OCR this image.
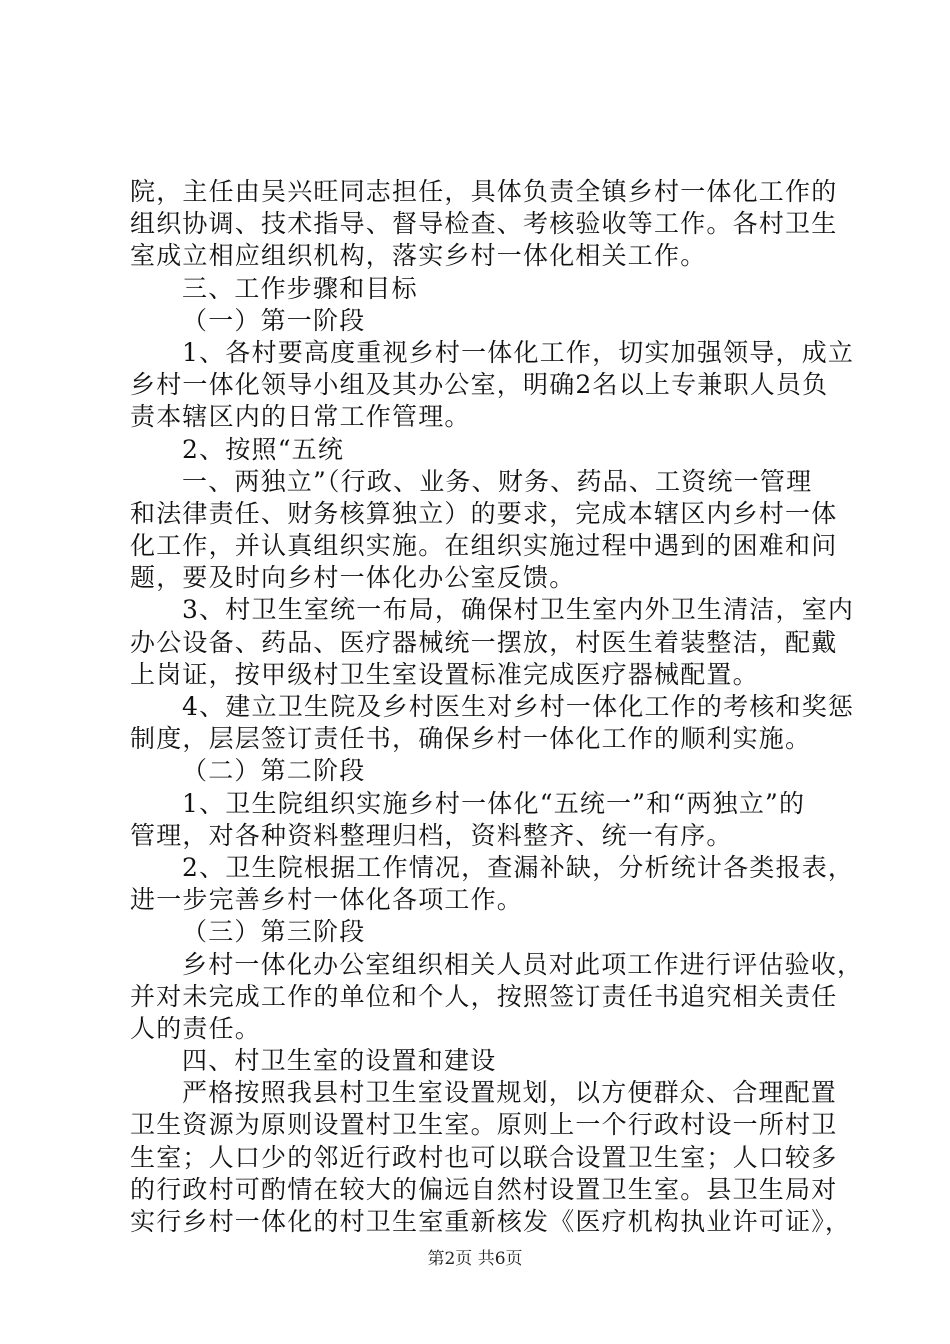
院，主任由吴兴旺同志担任，具体负责全镇乡村一体化工作的
组织协调、技术指导、督导检查、考核验收等工作。各村卫生
室成立相应组织机构，落实乡村一体化相关工作。
三、工作步骤和目标
（一）第一阶段
1、各村要高度重视乡村一体化工作，切实加强领导，成立
乡村一体化领导小组及其办公室，明确2名以上专兼职人员负
责本辖区内的日常工作管理。
2、按照“五统
一、两独立”（行政、业务、财务、药品、工资统一管理
和法律责任、财务核算独立）的要求，完成本辖区内乡村一体
化工作，并认真组织实施。在组织实施过程中遇到的困难和问
题，要及时向乡村一体化办公室反馈。
3、村卫生室统一布局，确保村卫生室内外卫生清洁，室内
办公设备、药品、医疗器械统一摆放，村医生着装整洁，配戴
上岗证，按甲级村卫生室设置标准完成医疗器械配置。
4、建立卫生院及乡村医生对乡村一体化工作的考核和奖惩
制度，层层签订责任书，确保乡村一体化工作的顺利实施。
（二）第二阶段
1、卫生院组织实施乡村一体化“五统一”和“两独立”的
管理，对各种资料整理归档，资料整齐、统一有序。
2、卫生院根据工作情况，查漏补缺，分析统计各类报表，
进一步完善乡村一体化各项工作。
（三）第三阶段
乡村一体化办公室组织相关人员对此项工作进行评估验收，
并对未完成工作的单位和个人，按照签订责任书追究相关责任
人的责任。
四、村卫生室的设置和建设
严格按照我县村卫生室设置规划，以方便群众、合理配置
卫生资源为原则设置村卫生室。原则上一个行政村设一所村卫
生室；人口少的邻近行政村也可以联合设置卫生室；人口较多
的行政村可酌情在较大的偏远自然村设置卫生室。县卫生局对
实行乡村一体化的村卫生室重新核发《医疗机构执业许可证》，
第2页 共6页
